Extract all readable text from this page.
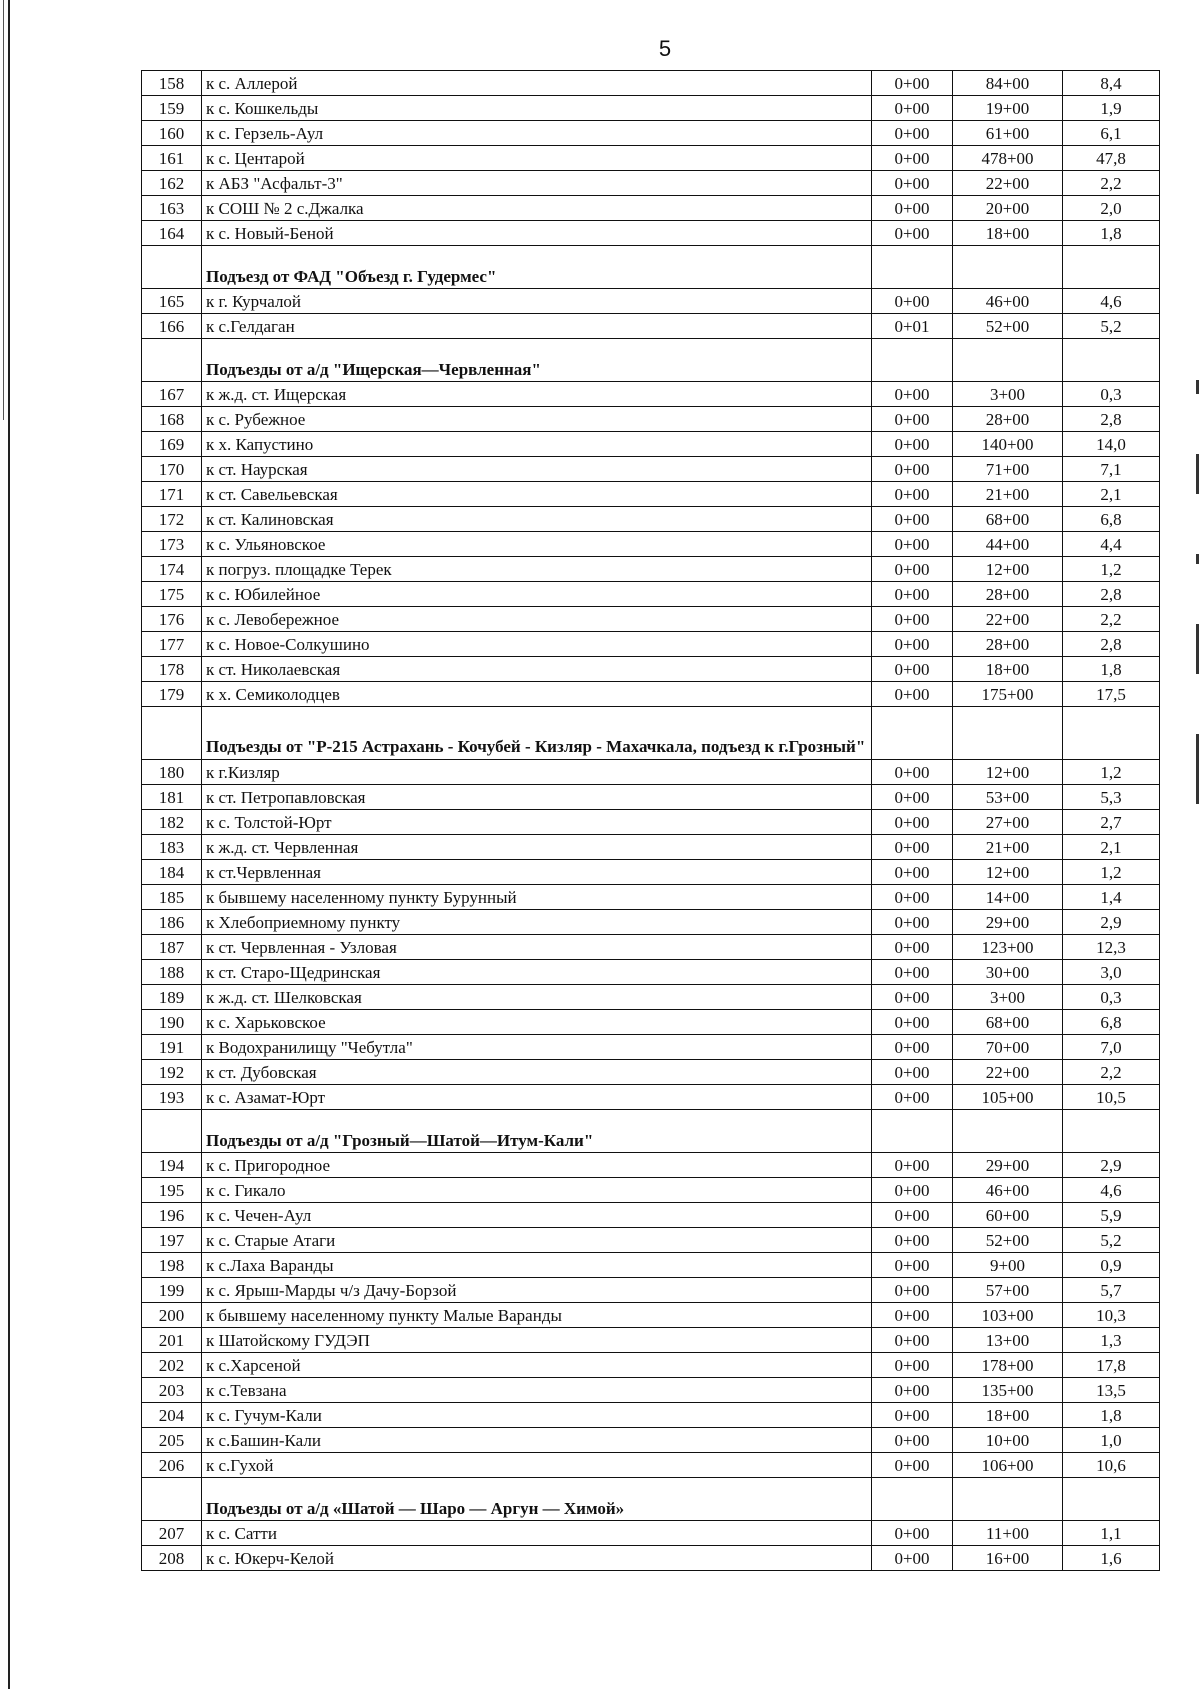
5
158	к с. Аллерой	0+00	84+00	8,4
159	к с. Кошкельды	0+00	19+00	1,9
160	к с. Герзель-Аул	0+00	61+00	6,1
161	к с. Центарой	0+00	478+00	47,8
162	к АБЗ "Асфальт-3"	0+00	22+00	2,2
163	к СОШ № 2 с.Джалка	0+00	20+00	2,0
164	к с. Новый-Беной	0+00	18+00	1,8
	Подъезд от ФАД "Объезд г. Гудермес"			
165	к г. Курчалой	0+00	46+00	4,6
166	к с.Гелдаган	0+01	52+00	5,2
	Подъезды от а/д "Ищерская—Червленная"			
167	к ж.д. ст. Ищерская	0+00	3+00	0,3
168	к с. Рубежное	0+00	28+00	2,8
169	к х. Капустино	0+00	140+00	14,0
170	к ст. Наурская	0+00	71+00	7,1
171	к ст. Савельевская	0+00	21+00	2,1
172	к ст. Калиновская	0+00	68+00	6,8
173	к с. Ульяновское	0+00	44+00	4,4
174	к погруз. площадке Терек	0+00	12+00	1,2
175	к с. Юбилейное	0+00	28+00	2,8
176	к с. Левобережное	0+00	22+00	2,2
177	к с. Новое-Солкушино	0+00	28+00	2,8
178	к ст. Николаевская	0+00	18+00	1,8
179	к х. Семиколодцев	0+00	175+00	17,5
	Подъезды от "Р-215 Астрахань - Кочубей - Кизляр - Махачкала, подъезд к г.Грозный"			
180	к г.Кизляр	0+00	12+00	1,2
181	к ст. Петропавловская	0+00	53+00	5,3
182	к с. Толстой-Юрт	0+00	27+00	2,7
183	к ж.д. ст. Червленная	0+00	21+00	2,1
184	к ст.Червленная	0+00	12+00	1,2
185	к бывшему населенному пункту Бурунный	0+00	14+00	1,4
186	к Хлебоприемному пункту	0+00	29+00	2,9
187	к ст. Червленная - Узловая	0+00	123+00	12,3
188	к ст. Старо-Щедринская	0+00	30+00	3,0
189	к ж.д. ст. Шелковская	0+00	3+00	0,3
190	к с. Харьковское	0+00	68+00	6,8
191	к Водохранилищу "Чебутла"	0+00	70+00	7,0
192	к ст. Дубовская	0+00	22+00	2,2
193	к с. Азамат-Юрт	0+00	105+00	10,5
	Подъезды от а/д "Грозный—Шатой—Итум-Кали"			
194	к с. Пригородное	0+00	29+00	2,9
195	к с. Гикало	0+00	46+00	4,6
196	к с. Чечен-Аул	0+00	60+00	5,9
197	к с. Старые Атаги	0+00	52+00	5,2
198	к с.Лаха Варанды	0+00	9+00	0,9
199	к с. Ярыш-Марды ч/з Дачу-Борзой	0+00	57+00	5,7
200	к бывшему населенному пункту Малые Варанды	0+00	103+00	10,3
201	к Шатойскому ГУДЭП	0+00	13+00	1,3
202	к с.Харсеной	0+00	178+00	17,8
203	к с.Тевзана	0+00	135+00	13,5
204	к с. Гучум-Кали	0+00	18+00	1,8
205	к с.Башин-Кали	0+00	10+00	1,0
206	к с.Гухой	0+00	106+00	10,6
	Подъезды от а/д «Шатой — Шаро — Аргун — Химой»			
207	к с. Сатти	0+00	11+00	1,1
208	к с. Юкерч-Келой	0+00	16+00	1,6
